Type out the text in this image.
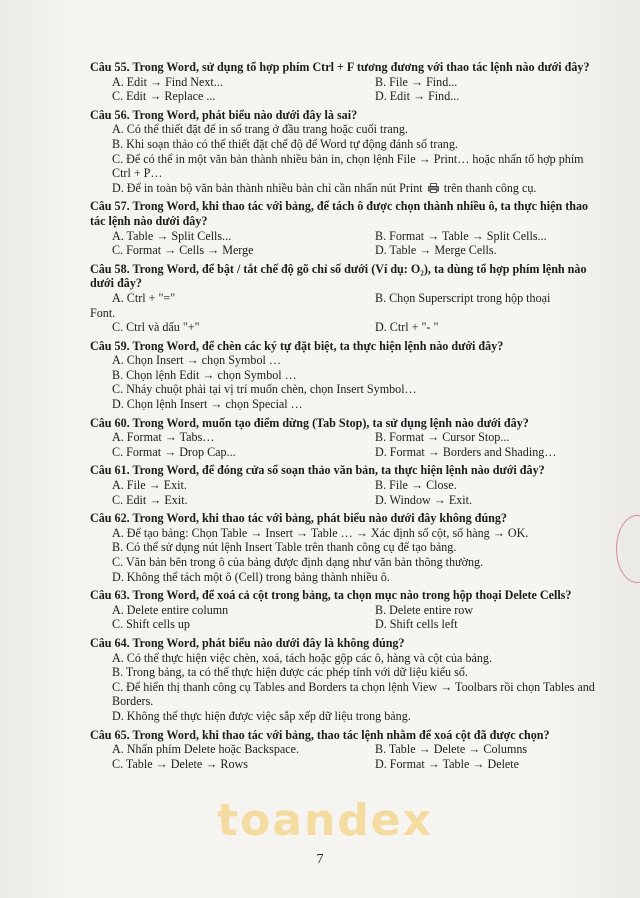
Câu 55. Trong Word, sử dụng tổ hợp phím Ctrl + F tương đương với thao tác lệnh nào dưới đây?
A. Edit → Find Next...	B. File → Find...
C. Edit → Replace ...	D. Edit → Find...
Câu 56. Trong Word, phát biểu nào dưới đây là sai?
A. Có thể thiết đặt để in số trang ở đầu trang hoặc cuối trang.
B. Khi soạn thảo có thể thiết đặt chế độ để Word tự động đánh số trang.
C. Để có thể in một văn bản thành nhiều bản in, chọn lệnh File → Print… hoặc nhấn tổ hợp phím Ctrl + P…
D. Để in toàn bộ văn bản thành nhiều bản chỉ cần nhấn nút Print trên thanh công cụ.
Câu 57. Trong Word, khi thao tác với bảng, để tách ô được chọn thành nhiều ô, ta thực hiện thao tác lệnh nào dưới đây?
A. Table → Split Cells...	B. Format → Table → Split Cells...
C. Format → Cells → Merge	D. Table → Merge Cells.
Câu 58. Trong Word, để bật / tắt chế độ gõ chỉ số dưới (Ví dụ: O₂), ta dùng tổ hợp phím lệnh nào dưới đây?
A. Ctrl + "="	B. Chọn Superscript trong hộp thoại
Font.
C. Ctrl và dấu "+"	D. Ctrl + "- "
Câu 59. Trong Word, để chèn các ký tự đặt biệt, ta thực hiện lệnh nào dưới đây?
A. Chọn Insert → chọn Symbol …
B. Chọn lệnh Edit → chọn Symbol …
C. Nháy chuột phải tại vị trí muốn chèn, chọn Insert Symbol…
D. Chọn lệnh Insert → chọn Special …
Câu 60. Trong Word, muốn tạo điểm dừng (Tab Stop), ta sử dụng lệnh nào dưới đây?
A. Format → Tabs…	B. Format → Cursor Stop...
C. Format → Drop Cap...	D. Format → Borders and Shading…
Câu 61. Trong Word, để đóng cửa sổ soạn thảo văn bản, ta thực hiện lệnh nào dưới đây?
A. File → Exit.	B. File → Close.
C. Edit → Exit.	D. Window → Exit.
Câu 62. Trong Word, khi thao tác với bảng, phát biểu nào dưới đây không đúng?
A. Để tạo bảng: Chọn Table → Insert → Table … → Xác định số cột, số hàng → OK.
B. Có thể sử dụng nút lệnh Insert Table trên thanh công cụ để tạo bảng.
C. Văn bản bên trong ô của bảng được định dạng như văn bản thông thường.
D. Không thể tách một ô (Cell) trong bảng thành nhiều ô.
Câu 63. Trong Word, để xoá cả cột trong bảng, ta chọn mục nào trong hộp thoại Delete Cells?
A. Delete entire column	B. Delete entire row
C. Shift cells up	D. Shift cells left
Câu 64. Trong Word, phát biểu nào dưới đây là không đúng?
A. Có thể thực hiện việc chèn, xoá, tách hoặc gộp các ô, hàng và cột của bảng.
B. Trong bảng, ta có thể thực hiện được các phép tính với dữ liệu kiểu số.
C. Để hiển thị thanh công cụ Tables and Borders ta chọn lệnh View → Toolbars rồi chọn Tables and Borders.
D. Không thể thực hiện được việc sắp xếp dữ liệu trong bảng.
Câu 65. Trong Word, khi thao tác với bảng, thao tác lệnh nhằm để xoá cột đã được chọn?
A. Nhấn phím Delete hoặc Backspace.	B. Table → Delete → Columns
C. Table → Delete → Rows	D. Format → Table → Delete
toandex
7
